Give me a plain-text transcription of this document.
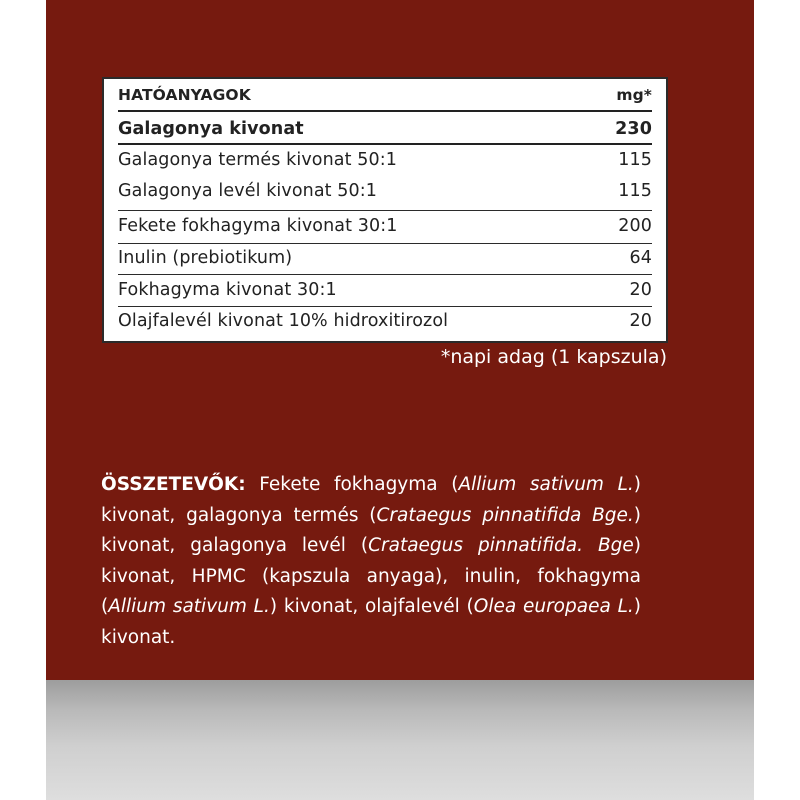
HATÓANYAGOK	mg*
Galagonya kivonat	230
Galagonya termés kivonat 50:1	115
Galagonya levél kivonat 50:1	115
Fekete fokhagyma kivonat 30:1	200
Inulin (prebiotikum)	64
Fokhagyma kivonat 30:1	20
Olajfalevél kivonat 10% hidroxitirozol	20
*napi adag (1 kapszula)
ÖSSZETEVŐK: Fekete fokhagyma (Allium sativum L.) kivonat, galagonya termés (Crataegus pinnatifida Bge.) kivonat, galagonya levél (Crataegus pinnatifida. Bge) kivonat, HPMC (kapszula anyaga), inulin, fokhagyma (Allium sativum L.) kivonat, olajfalevél (Olea europaea L.) kivonat.
